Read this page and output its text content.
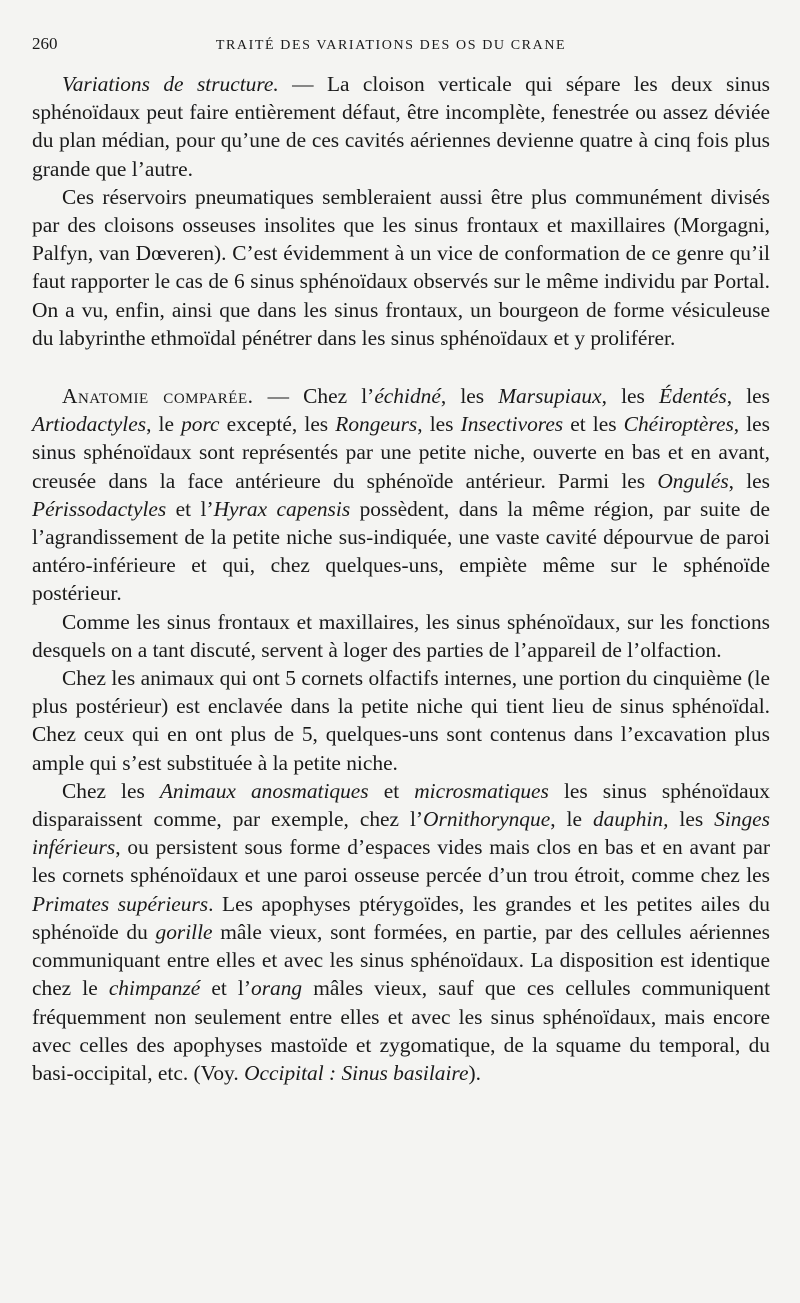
260	TRAITÉ DES VARIATIONS DES OS DU CRANE

Variations de structure. — La cloison verticale qui sépare les deux sinus sphénoïdaux peut faire entièrement défaut, être incomplète, fenestrée ou assez déviée du plan médian, pour qu’une de ces cavités aériennes devienne quatre à cinq fois plus grande que l’autre.

Ces réservoirs pneumatiques sembleraient aussi être plus communément divisés par des cloisons osseuses insolites que les sinus frontaux et maxillaires (Morgagni, Palfyn, van Dœveren). C’est évidemment à un vice de conformation de ce genre qu’il faut rapporter le cas de 6 sinus sphénoïdaux observés sur le même individu par Portal. On a vu, enfin, ainsi que dans les sinus frontaux, un bourgeon de forme vésiculeuse du labyrinthe ethmoïdal pénétrer dans les sinus sphénoïdaux et y proliférer.

Anatomie comparée. — Chez l’échidné, les Marsupiaux, les Édentés, les Artiodactyles, le porc excepté, les Rongeurs, les Insectivores et les Chéiroptères, les sinus sphénoïdaux sont représentés par une petite niche, ouverte en bas et en avant, creusée dans la face antérieure du sphénoïde antérieur. Parmi les Ongulés, les Périssodactyles et l’Hyrax capensis possèdent, dans la même région, par suite de l’agrandissement de la petite niche sus-indiquée, une vaste cavité dépourvue de paroi antéro-inférieure et qui, chez quelques-uns, empiète même sur le sphénoïde postérieur.

Comme les sinus frontaux et maxillaires, les sinus sphénoïdaux, sur les fonctions desquels on a tant discuté, servent à loger des parties de l’appareil de l’olfaction.

Chez les animaux qui ont 5 cornets olfactifs internes, une portion du cinquième (le plus postérieur) est enclavée dans la petite niche qui tient lieu de sinus sphénoïdal. Chez ceux qui en ont plus de 5, quelques-uns sont contenus dans l’excavation plus ample qui s’est substituée à la petite niche.

Chez les Animaux anosmatiques et microsmatiques les sinus sphénoïdaux disparaissent comme, par exemple, chez l’Ornithorynque, le dauphin, les Singes inférieurs, ou persistent sous forme d’espaces vides mais clos en bas et en avant par les cornets sphénoïdaux et une paroi osseuse percée d’un trou étroit, comme chez les Primates supérieurs. Les apophyses ptérygoïdes, les grandes et les petites ailes du sphénoïde du gorille mâle vieux, sont formées, en partie, par des cellules aériennes communiquant entre elles et avec les sinus sphénoïdaux. La disposition est identique chez le chimpanzé et l’orang mâles vieux, sauf que ces cellules communiquent fréquemment non seulement entre elles et avec les sinus sphénoïdaux, mais encore avec celles des apophyses mastoïde et zygomatique, de la squame du temporal, du basi-occipital, etc. (Voy. Occipital : Sinus basilaire).
